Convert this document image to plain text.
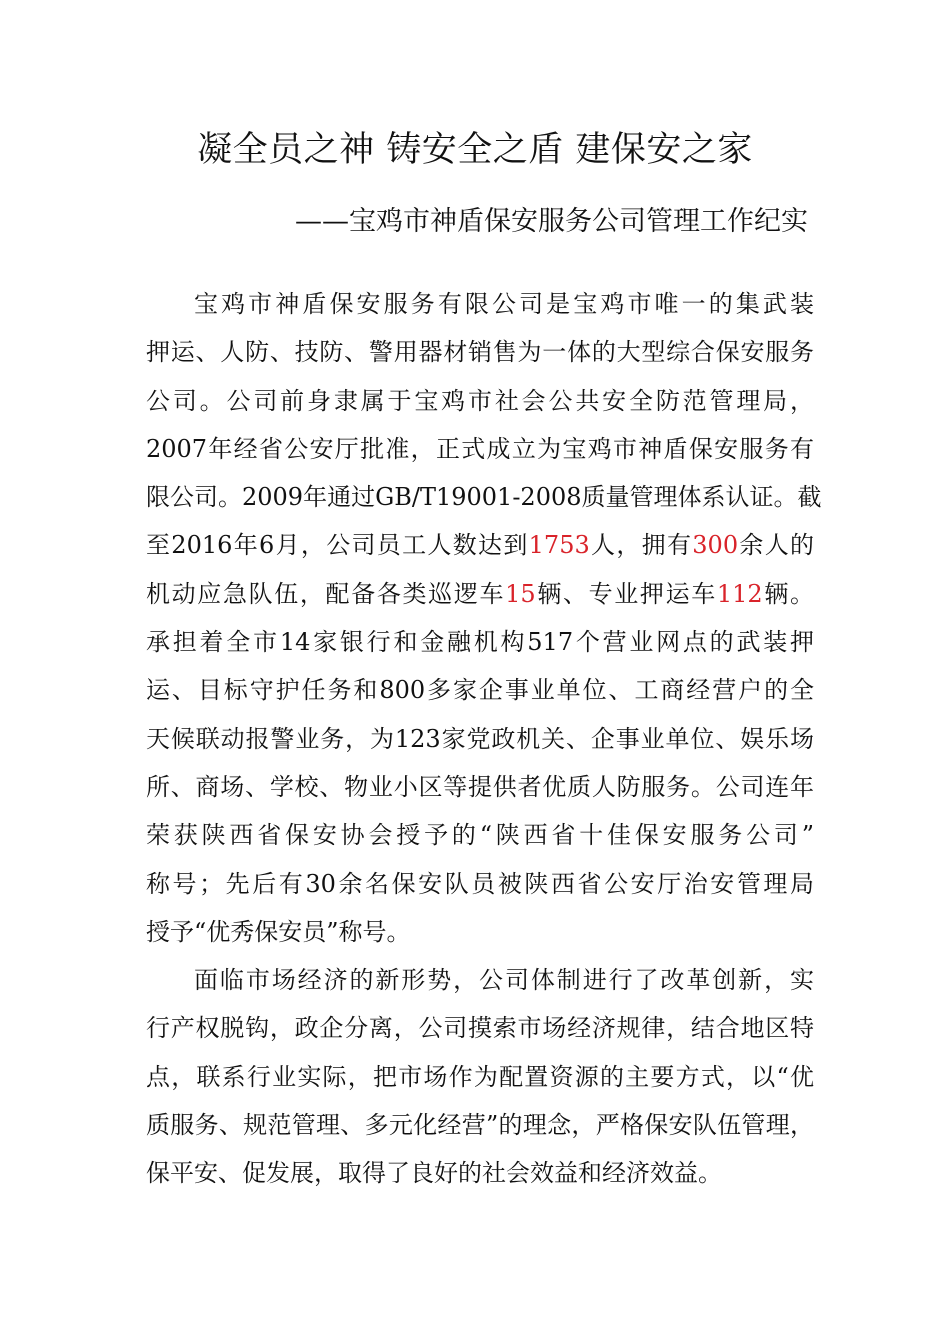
凝全员之神 铸安全之盾 建保安之家
——宝鸡市神盾保安服务公司管理工作纪实
宝鸡市神盾保安服务有限公司是宝鸡市唯一的集武装
押运、人防、技防、警用器材销售为一体的大型综合保安服务
公司。公司前身隶属于宝鸡市社会公共安全防范管理局，
2007年经省公安厅批准，正式成立为宝鸡市神盾保安服务有
限公司。2009年通过GB/T19001-2008质量管理体系认证。截
至2016年6月，公司员工人数达到1753人，拥有300余人的
机动应急队伍，配备各类巡逻车15辆、专业押运车112辆。
承担着全市14家银行和金融机构517个营业网点的武装押
运、目标守护任务和800多家企事业单位、工商经营户的全
天候联动报警业务，为123家党政机关、企事业单位、娱乐场
所、商场、学校、物业小区等提供者优质人防服务。公司连年
荣获陕西省保安协会授予的“陕西省十佳保安服务公司”
称号；先后有30余名保安队员被陕西省公安厅治安管理局
授予“优秀保安员”称号。
面临市场经济的新形势，公司体制进行了改革创新，实
行产权脱钩，政企分离，公司摸索市场经济规律，结合地区特
点，联系行业实际，把市场作为配置资源的主要方式，以“优
质服务、规范管理、多元化经营”的理念，严格保安队伍管理，
保平安、促发展，取得了良好的社会效益和经济效益。
